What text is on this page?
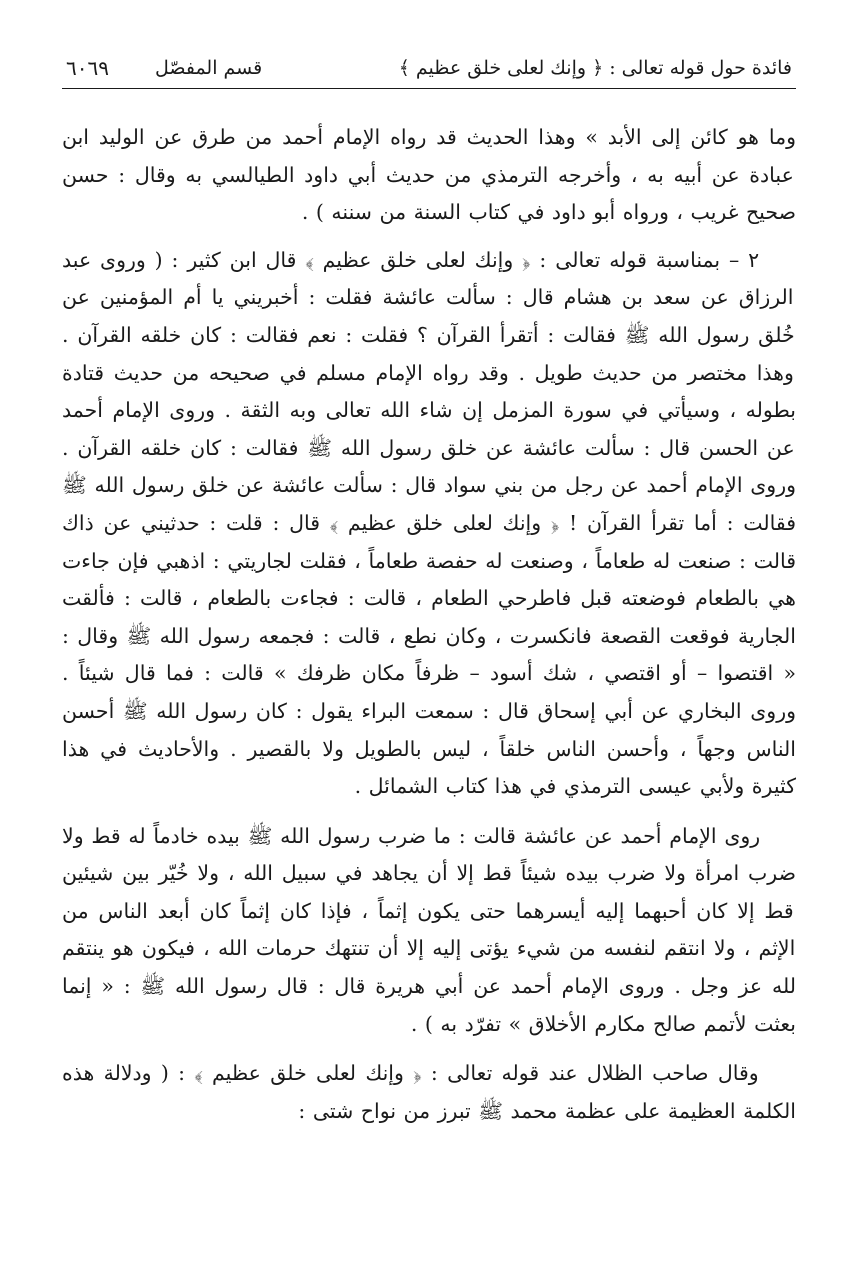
فائدة حول قوله تعالى : ﴿ وإنك لعلى خلق عظيم ﴾
قسم المفصّل
٦٠٦٩

وما هو كائن إلى الأبد » وهذا الحديث قد رواه الإمام أحمد من طرق عن الوليد ابن عبادة عن أبيه به ، وأخرجه الترمذي من حديث أبي داود الطيالسي به وقال : حسن صحيح غريب ، ورواه أبو داود في كتاب السنة من سننه ) .

٢ – بمناسبة قوله تعالى : ﴿ وإنك لعلى خلق عظيم ﴾ قال ابن كثير : ( وروى عبد الرزاق عن سعد بن هشام قال : سألت عائشة فقلت : أخبريني يا أم المؤمنين عن خُلق رسول الله ﷺ فقالت : أتقرأ القرآن ؟ فقلت : نعم فقالت : كان خلقه القرآن . وهذا مختصر من حديث طويل . وقد رواه الإمام مسلم في صحيحه من حديث قتادة بطوله ، وسيأتي في سورة المزمل إن شاء الله تعالى وبه الثقة . وروى الإمام أحمد عن الحسن قال : سألت عائشة عن خلق رسول الله ﷺ فقالت : كان خلقه القرآن . وروى الإمام أحمد عن رجل من بني سواد قال : سألت عائشة عن خلق رسول الله ﷺ فقالت : أما تقرأ القرآن ! ﴿ وإنك لعلى خلق عظيم ﴾ قال : قلت : حدثيني عن ذاك قالت : صنعت له طعاماً ، وصنعت له حفصة طعاماً ، فقلت لجاريتي : اذهبي فإن جاءت هي بالطعام فوضعته قبل فاطرحي الطعام ، قالت : فجاءت بالطعام ، قالت : فألقت الجارية فوقعت القصعة فانكسرت ، وكان نطع ، قالت : فجمعه رسول الله ﷺ وقال : « اقتصوا – أو اقتصي ، شك أسود – ظرفاً مكان ظرفك » قالت : فما قال شيئاً . وروى البخاري عن أبي إسحاق قال : سمعت البراء يقول : كان رسول الله ﷺ أحسن الناس وجهاً ، وأحسن الناس خلقاً ، ليس بالطويل ولا بالقصير . والأحاديث في هذا كثيرة ولأبي عيسى الترمذي في هذا كتاب الشمائل .

روى الإمام أحمد عن عائشة قالت : ما ضرب رسول الله ﷺ بيده خادماً له قط ولا ضرب امرأة ولا ضرب بيده شيئاً قط إلا أن يجاهد في سبيل الله ، ولا خُيّر بين شيئين قط إلا كان أحبهما إليه أيسرهما حتى يكون إثماً ، فإذا كان إثماً كان أبعد الناس من الإثم ، ولا انتقم لنفسه من شيء يؤتى إليه إلا أن تنتهك حرمات الله ، فيكون هو ينتقم لله عز وجل . وروى الإمام أحمد عن أبي هريرة قال : قال رسول الله ﷺ : « إنما بعثت لأتمم صالح مكارم الأخلاق » تفرّد به ) .

وقال صاحب الظلال عند قوله تعالى : ﴿ وإنك لعلى خلق عظيم ﴾ : ( ودلالة هذه الكلمة العظيمة على عظمة محمد ﷺ تبرز من نواح شتى :
